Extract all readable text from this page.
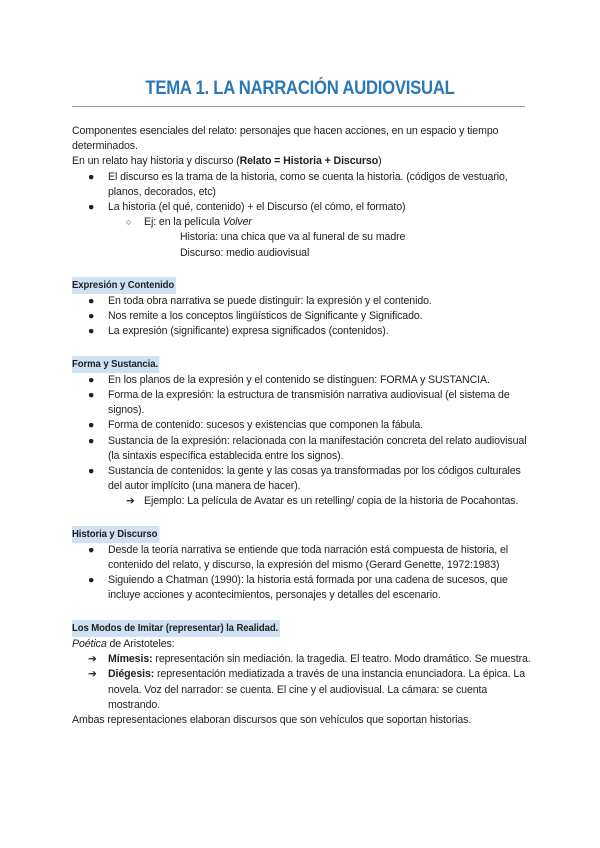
TEMA 1. LA NARRACIÓN AUDIOVISUAL

Componentes esenciales del relato: personajes que hacen acciones, en un espacio y tiempo determinados.

En un relato hay historia y discurso (Relato = Historia + Discurso)

● El discurso es la trama de la historia, como se cuenta la historia. (códigos de vestuario, planos, decorados, etc)
● La historia (el qué, contenido) + el Discurso (el cómo, el formato)
○ Ej: en la película Volver
Historia: una chica que va al funeral de su madre
Discurso: medio audiovisual

Expresión y Contenido

● En toda obra narrativa se puede distinguir: la expresión y el contenido.
● Nos remite a los conceptos lingüísticos de Significante y Significado.
● La expresión (significante) expresa significados (contenidos).

Forma y Sustancia.

● En los planos de la expresión y el contenido se distinguen: FORMA y SUSTANCIA.
● Forma de la expresión: la estructura de transmisión narrativa audiovisual (el sistema de signos).
● Forma de contenido: sucesos y existencias que componen la fábula.
● Sustancia de la expresión: relacionada con la manifestación concreta del relato audiovisual (la sintaxis específica establecida entre los signos).
● Sustancia de contenidos: la gente y las cosas ya transformadas por los códigos culturales del autor implícito (una manera de hacer).
➔ Ejemplo: La película de Avatar es un retelling/ copia de la historia de Pocahontas.

Historia y Discurso

● Desde la teoría narrativa se entiende que toda narración está compuesta de historia, el contenido del relato, y discurso, la expresión del mismo (Gerard Genette, 1972:1983)
● Siguiendo a Chatman (1990): la historia está formada por una cadena de sucesos, que incluye acciones y acontecimientos, personajes y detalles del escenario.

Los Modos de Imitar (representar) la Realidad.

Poética de Aristoteles:

➔ Mímesis: representación sin mediación. la tragedia. El teatro. Modo dramático. Se muestra.
➔ Diégesis: representación mediatizada a través de una instancia enunciadora. La épica. La novela. Voz del narrador: se cuenta. El cine y el audiovisual. La cámara: se cuenta mostrando.

Ambas representaciones elaboran discursos que son vehículos que soportan historias.
